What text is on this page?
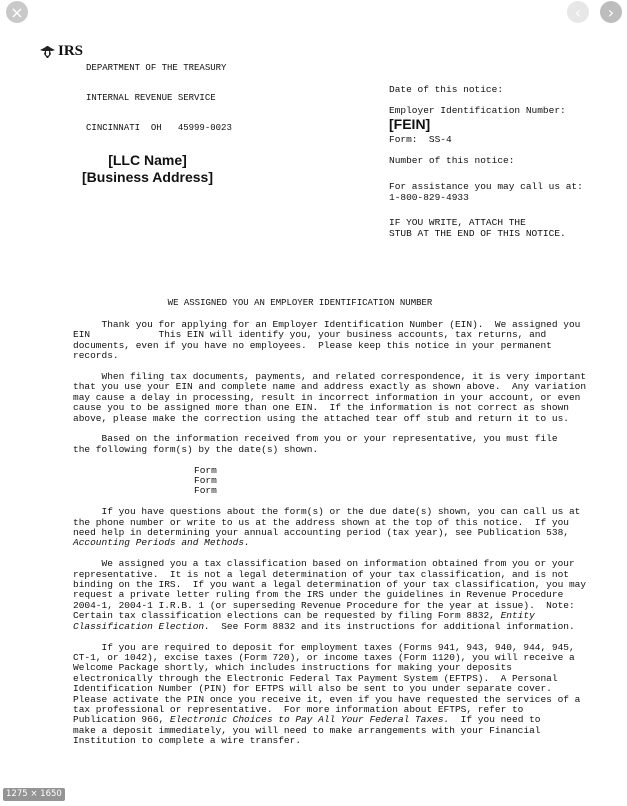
×	‹ ›
IRS

DEPARTMENT OF THE TREASURY

INTERNAL REVENUE SERVICE

CINCINNATI  OH   45999-0023

Date of this notice:
Employer Identification Number:
[FEIN]
Form:  SS-4
Number of this notice:
For assistance you may call us at:
1-800-829-4933
IF YOU WRITE, ATTACH THE
STUB AT THE END OF THIS NOTICE.
[LLC Name]
[Business Address]
WE ASSIGNED YOU AN EMPLOYER IDENTIFICATION NUMBER
Thank you for applying for an Employer Identification Number (EIN).  We assigned you
EIN            This EIN will identify you, your business accounts, tax returns, and
documents, even if you have no employees.  Please keep this notice in your permanent
records.
When filing tax documents, payments, and related correspondence, it is very important
that you use your EIN and complete name and address exactly as shown above.  Any variation
may cause a delay in processing, result in incorrect information in your account, or even
cause you to be assigned more than one EIN.  If the information is not correct as shown
above, please make the correction using the attached tear off stub and return it to us.
Based on the information received from you or your representative, you must file
the following form(s) by the date(s) shown.
Form
Form
Form
If you have questions about the form(s) or the due date(s) shown, you can call us at
the phone number or write to us at the address shown at the top of this notice.  If you
need help in determining your annual accounting period (tax year), see Publication 538,
Accounting Periods and Methods.
We assigned you a tax classification based on information obtained from you or your
representative.  It is not a legal determination of your tax classification, and is not
binding on the IRS.  If you want a legal determination of your tax classification, you may
request a private letter ruling from the IRS under the guidelines in Revenue Procedure
2004-1, 2004-1 I.R.B. 1 (or superseding Revenue Procedure for the year at issue).  Note:
Certain tax classification elections can be requested by filing Form 8832, Entity
Classification Election.  See Form 8832 and its instructions for additional information.
If you are required to deposit for employment taxes (Forms 941, 943, 940, 944, 945,
CT-1, or 1042), excise taxes (Form 720), or income taxes (Form 1120), you will receive a
Welcome Package shortly, which includes instructions for making your deposits
electronically through the Electronic Federal Tax Payment System (EFTPS).  A Personal
Identification Number (PIN) for EFTPS will also be sent to you under separate cover.
Please activate the PIN once you receive it, even if you have requested the services of a
tax professional or representative.  For more information about EFTPS, refer to
Publication 966, Electronic Choices to Pay All Your Federal Taxes.  If you need to
make a deposit immediately, you will need to make arrangements with your Financial
Institution to complete a wire transfer.
1275 × 1650
